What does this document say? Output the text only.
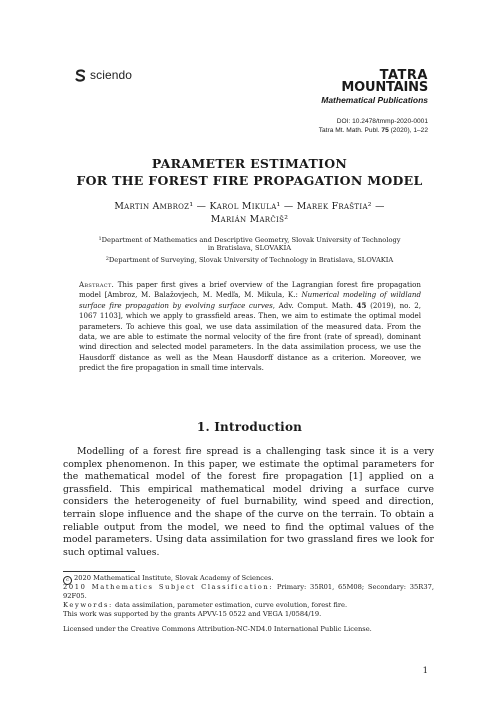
sciendo	TATRA
MOUNTAINS
Mathematical Publications
DOI: 10.2478/tmmp-2020-0001
Tatra Mt. Math. Publ. 75 (2020), 1–22
PARAMETER ESTIMATION
FOR THE FOREST FIRE PROPAGATION MODEL
Martin Ambroz¹ — Karol Mikula¹ — Marek Fraštia² —
Marián Marčiš²
$^1$Department of Mathematics and Descriptive Geometry, Slovak University of Technology
in Bratislava, SLOVAKIA
$^2$Department of Surveying, Slovak University of Technology in Bratislava, SLOVAKIA
Abstract. This paper first gives a brief overview of the Lagrangian forest fire propagation model [Ambroz, M. Balažovjech, M. Medľa, M. Mikula, K.: Numerical modeling of wildland surface fire propagation by evolving surface curves, Adv. Comput. Math. 45 (2019), no. 2, 1067 1103], which we apply to grassfield areas. Then, we aim to estimate the optimal model parameters. To achieve this goal, we use data assimilation of the measured data. From the data, we are able to estimate the normal velocity of the fire front (rate of spread), dominant wind direction and selected model parameters. In the data assimilation process, we use the Hausdorff distance as well as the Mean Hausdorff distance as a criterion. Moreover, we predict the fire propagation in small time intervals.
1. Introduction
Modelling of a forest fire spread is a challenging task since it is a very complex phenomenon. In this paper, we estimate the optimal parameters for the mathematical model of the forest fire propagation [1] applied on a grassfield. This empirical mathematical model driving a surface curve considers the heterogeneity of fuel burnability, wind speed and direction, terrain slope influence and the shape of the curve on the terrain. To obtain a reliable output from the model, we need to find the optimal values of the model parameters. Using data assimilation for two grassland fires we look for such optimal values.
c 2020 Mathematical Institute, Slovak Academy of Sciences.
2010 Mathematics Subject Classification: Primary: 35R01, 65M08; Secondary: 35R37, 92F05.
Keywords: data assimilation, parameter estimation, curve evolution, forest fire.
This work was supported by the grants APVV-15 0522 and VEGA 1/0584/19.
Licensed under the Creative Commons Attribution-NC-ND4.0 International Public License.
1
